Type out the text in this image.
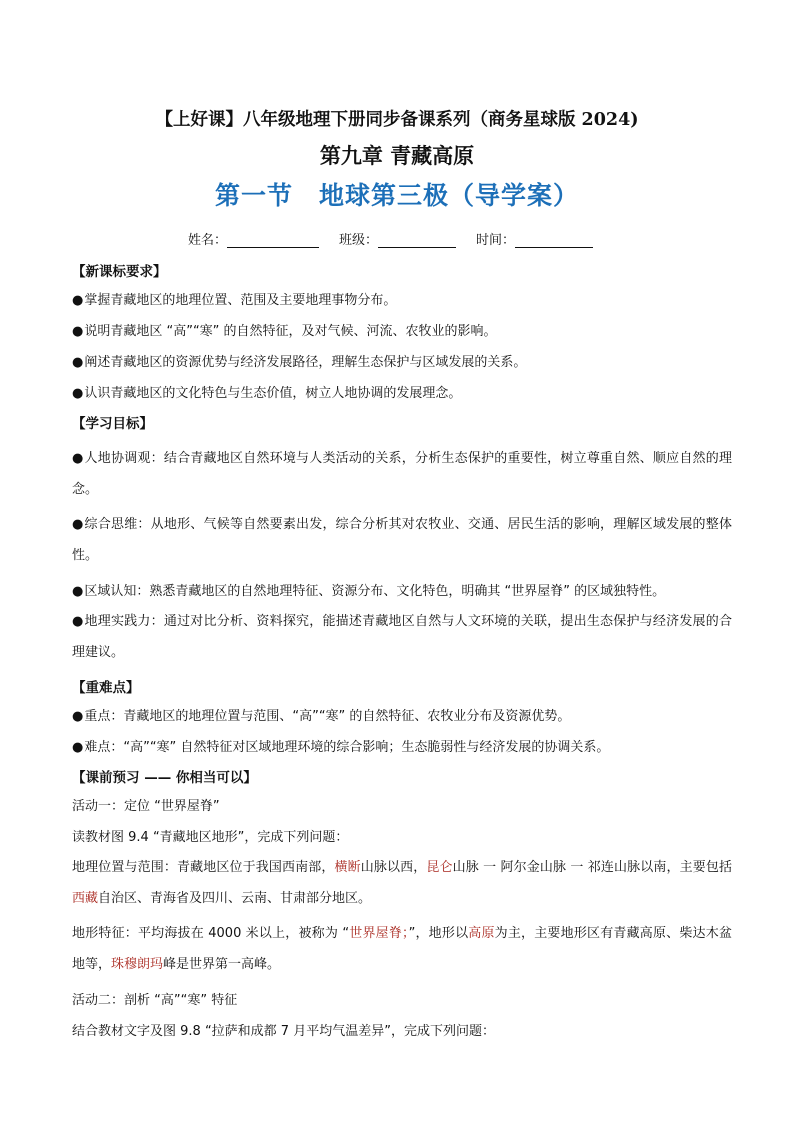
【上好课】八年级地理下册同步备课系列（商务星球版 2024)
第九章 青藏高原
第一节　地球第三极（导学案）
姓名：	班级：	时间：

【新课标要求】

●掌握青藏地区的地理位置、范围及主要地理事物分布。

●说明青藏地区 “高”“寒” 的自然特征，及对气候、河流、农牧业的影响。

●阐述青藏地区的资源优势与经济发展路径，理解生态保护与区域发展的关系。

●认识青藏地区的文化特色与生态价值，树立人地协调的发展理念。

【学习目标】

●人地协调观：结合青藏地区自然环境与人类活动的关系，分析生态保护的重要性，树立尊重自然、顺应自然的理念。

●综合思维：从地形、气候等自然要素出发，综合分析其对农牧业、交通、居民生活的影响，理解区域发展的整体性。

●区域认知：熟悉青藏地区的自然地理特征、资源分布、文化特色，明确其 “世界屋脊” 的区域独特性。

●地理实践力：通过对比分析、资料探究，能描述青藏地区自然与人文环境的关联，提出生态保护与经济发展的合理建议。

【重难点】

●重点：青藏地区的地理位置与范围、“高”“寒” 的自然特征、农牧业分布及资源优势。

●难点：“高”“寒” 自然特征对区域地理环境的综合影响；生态脆弱性与经济发展的协调关系。

【课前预习 —— 你相当可以】

活动一：定位 “世界屋脊”

读教材图 9.4 “青藏地区地形”，完成下列问题：

地理位置与范围：青藏地区位于我国西南部，横断山脉以西，昆仑山脉 一 阿尔金山脉 一 祁连山脉以南，主要包括西藏自治区、青海省及四川、云南、甘肃部分地区。

地形特征：平均海拔在 4000 米以上，被称为 “世界屋脊；”，地形以高原为主，主要地形区有青藏高原、柴达木盆地等，珠穆朗玛峰是世界第一高峰。

活动二：剖析 “高”“寒” 特征

结合教材文字及图 9.8 “拉萨和成都 7 月平均气温差异”，完成下列问题：
